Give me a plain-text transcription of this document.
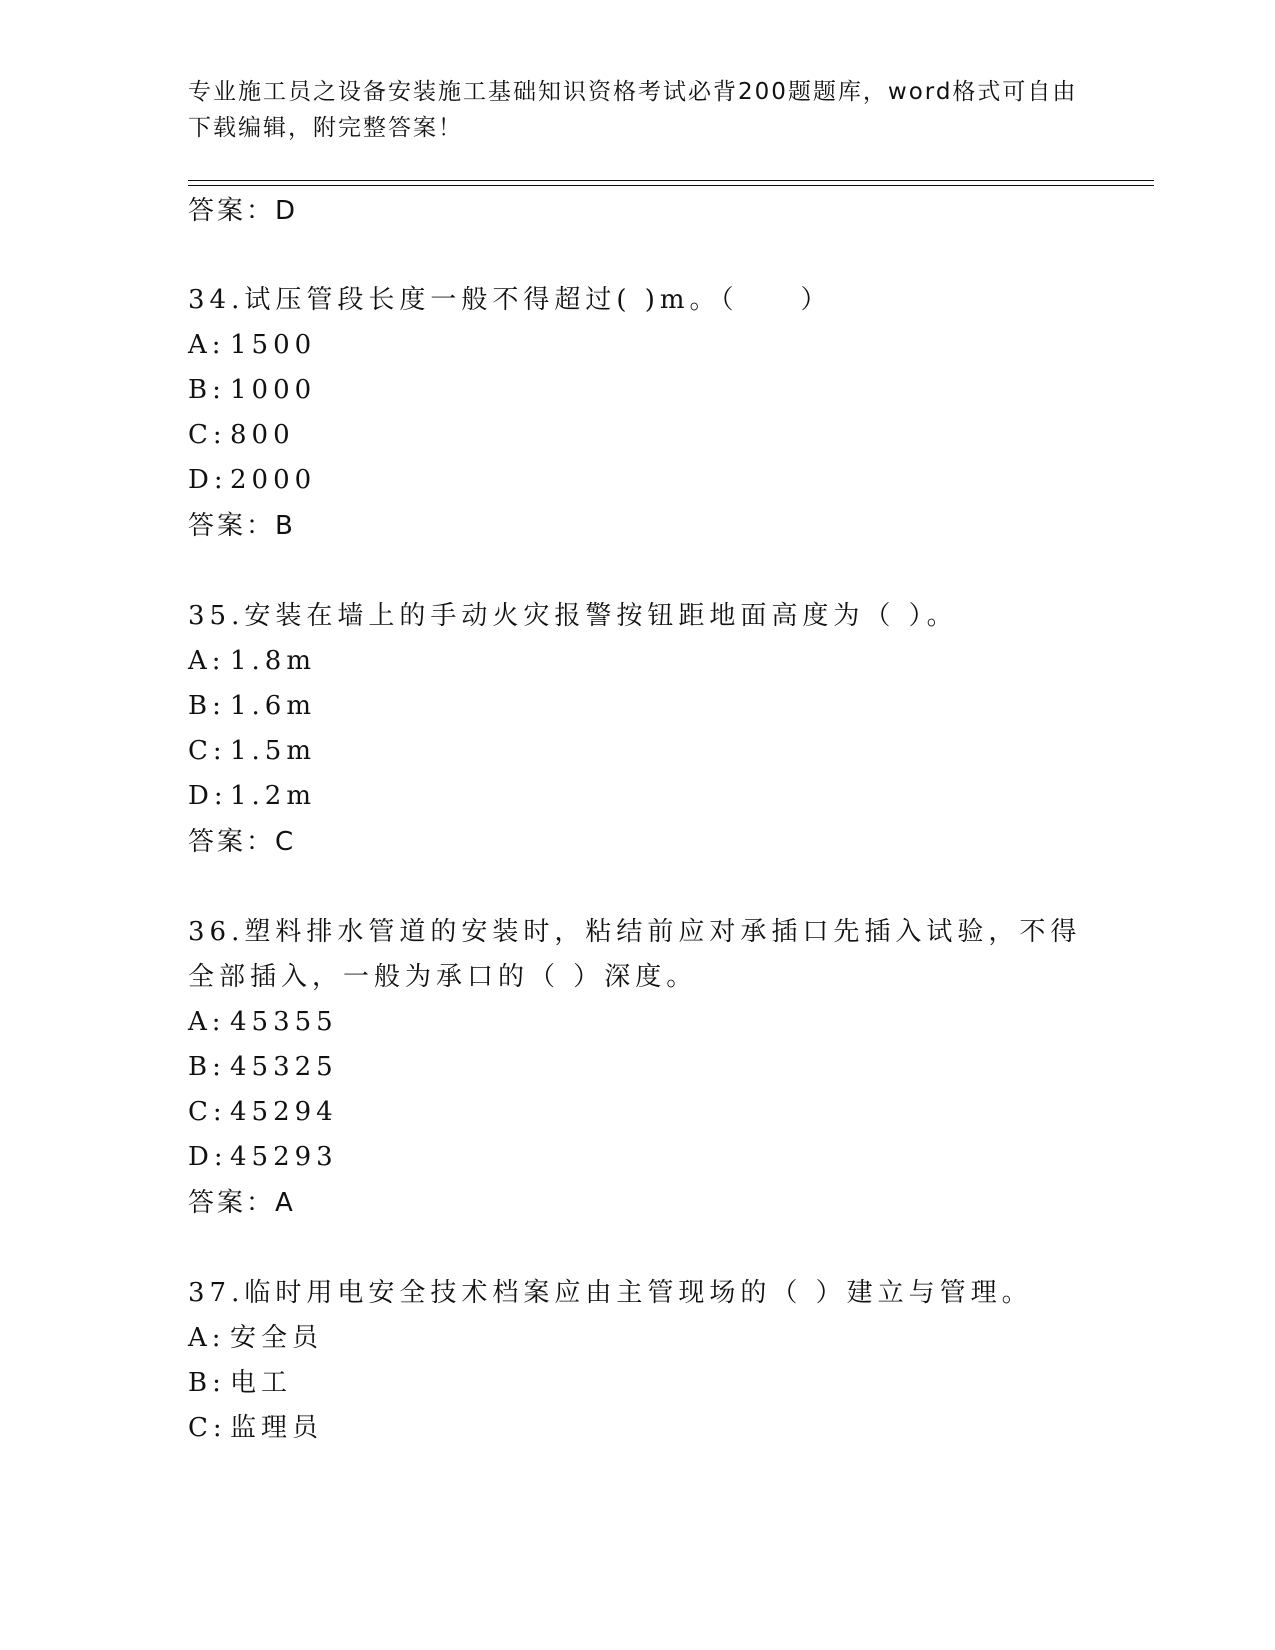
专业施工员之设备安装施工基础知识资格考试必背200题题库，word格式可自由下载编辑，附完整答案！
答案：D
34.试压管段长度一般不得超过( )m。（　　）
A: 1500
B: 1000
C: 800
D:2000
答案：B
35.安装在墙上的手动火灾报警按钮距地面高度为（ ）。
A: 1.8m
B: 1.6m
C: 1.5m
D:1.2m
答案：C
36.塑料排水管道的安装时，粘结前应对承插口先插入试验，不得全部插入，一般为承口的（ ）深度。
A: 45355
B: 45325
C: 45294
D:45293
答案：A
37.临时用电安全技术档案应由主管现场的（ ）建立与管理。
A: 安全员
B: 电工
C: 监理员
